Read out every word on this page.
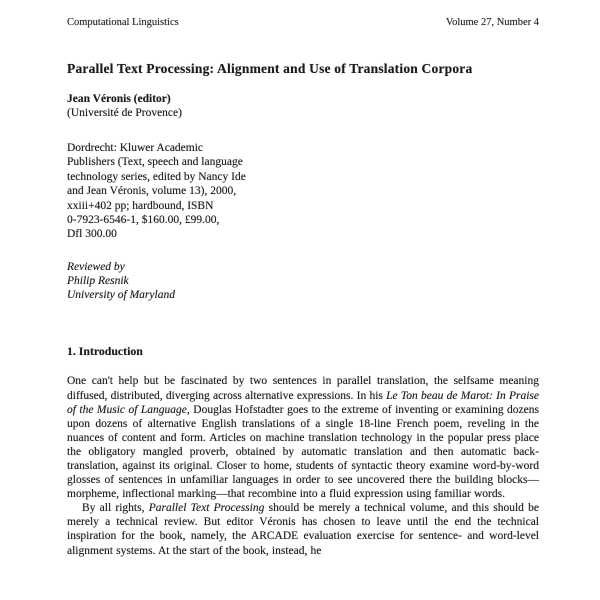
Computational Linguistics	Volume 27, Number 4
Parallel Text Processing: Alignment and Use of Translation Corpora
Jean Véronis (editor)
(Université de Provence)
Dordrecht: Kluwer Academic
Publishers (Text, speech and language
technology series, edited by Nancy Ide
and Jean Véronis, volume 13), 2000,
xxiii+402 pp; hardbound, ISBN
0-7923-6546-1, $160.00, £99.00,
Dfl 300.00
Reviewed by
Philip Resnik
University of Maryland
1. Introduction

One can't help but be fascinated by two sentences in parallel translation, the selfsame meaning diffused, distributed, diverging across alternative expressions. In his Le Ton beau de Marot: In Praise of the Music of Language, Douglas Hofstadter goes to the extreme of inventing or examining dozens upon dozens of alternative English translations of a single 18-line French poem, reveling in the nuances of content and form. Articles on machine translation technology in the popular press place the obligatory mangled proverb, obtained by automatic translation and then automatic back-translation, against its original. Closer to home, students of syntactic theory examine word-by-word glosses of sentences in unfamiliar languages in order to see uncovered there the building blocks—morpheme, inflectional marking—that recombine into a fluid expression using familiar words.

By all rights, Parallel Text Processing should be merely a technical volume, and this should be merely a technical review. But editor Véronis has chosen to leave until the end the technical inspiration for the book, namely, the ARCADE evaluation exercise for sentence- and word-level alignment systems. At the start of the book, instead, he
